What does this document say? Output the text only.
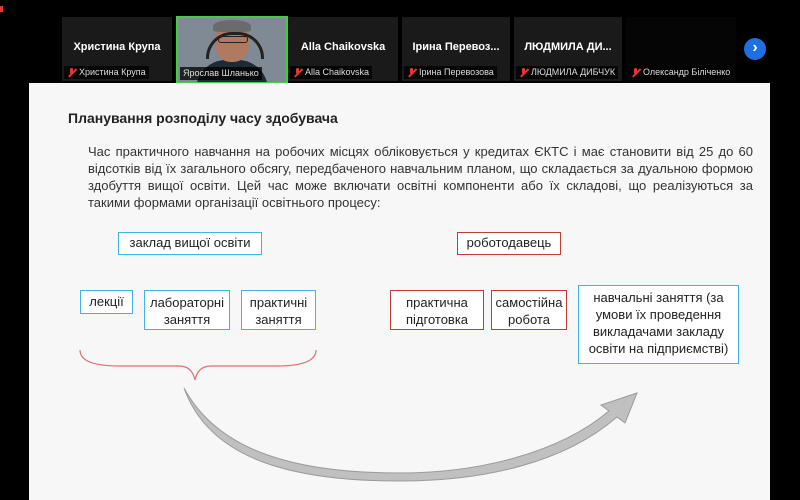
Христина Крупа
Христина Крупа	Ярослав Шланько
Alla Chaikovska
Alla Chaikovska
Ірина Перевоз...
Ірина Перевозова
ЛЮДМИЛА ДИ...
ЛЮДМИЛА ДИБЧУК	Олександр Біліченко
›
Планування розподілу часу здобувача
Час практичного навчання на робочих місцях обліковується у кредитах ЄКТС і має становити від 25 до 60 відсотків від їх загального обсягу, передбаченого навчальним планом, що складається за дуальною формою здобуття вищої освіти. Цей час може включати освітні компоненти або їх складові, що реалізуються за такими формами організації освітнього процесу:
заклад вищої освіти	роботодавець
лекції	лабораторні заняття
практичні заняття
практична підготовка
самостійна робота
навчальні заняття (за умови їх проведення викладачами закладу освіти на підприємстві)
